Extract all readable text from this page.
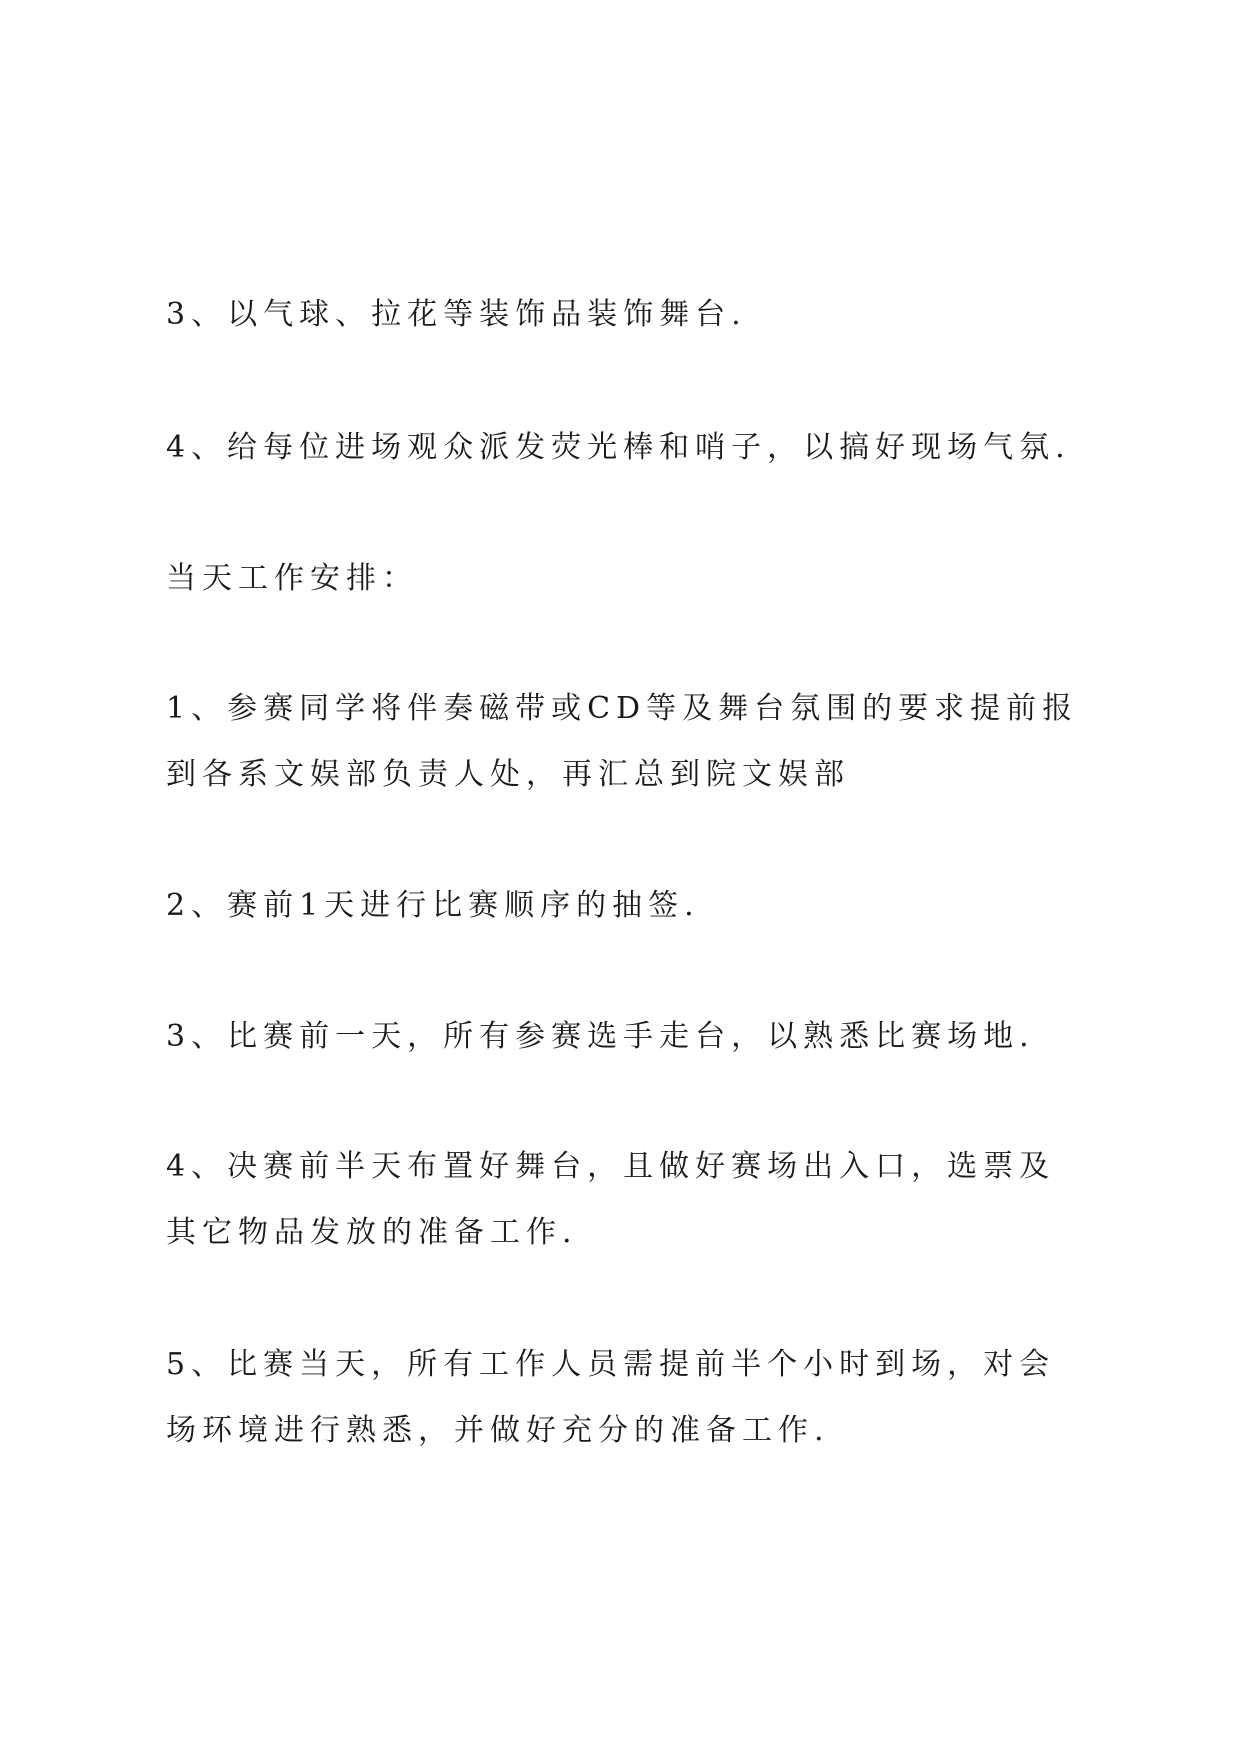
3、以气球、拉花等装饰品装饰舞台.

4、给每位进场观众派发荧光棒和哨子，以搞好现场气氛.

当天工作安排：

1、参赛同学将伴奏磁带或CD等及舞台氛围的要求提前报到各系文娱部负责人处，再汇总到院文娱部

2、赛前1天进行比赛顺序的抽签.

3、比赛前一天，所有参赛选手走台，以熟悉比赛场地.

4、决赛前半天布置好舞台，且做好赛场出入口，选票及其它物品发放的准备工作.

5、比赛当天，所有工作人员需提前半个小时到场，对会场环境进行熟悉，并做好充分的准备工作.
